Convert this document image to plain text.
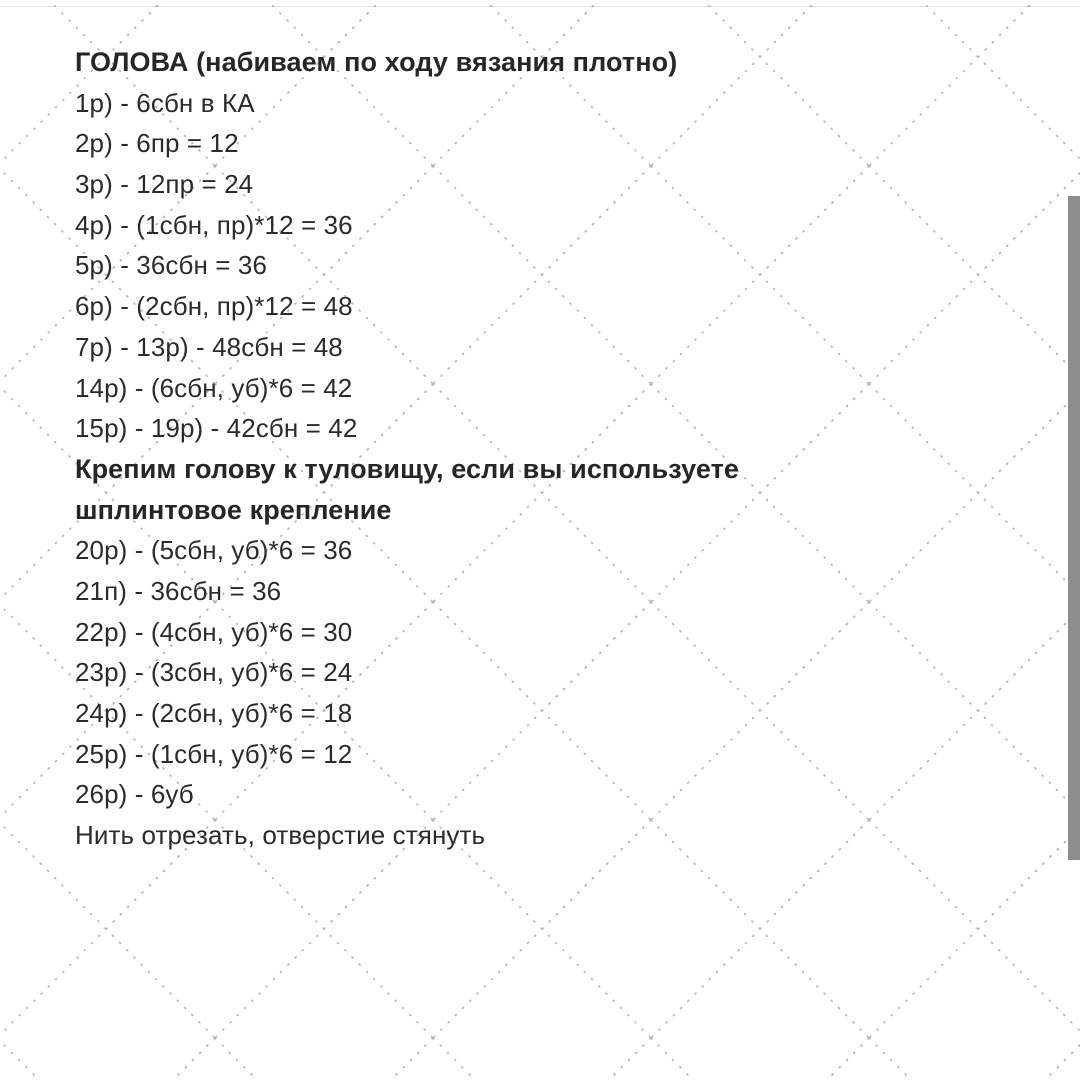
ГОЛОВА (набиваем по ходу вязания плотно)
1р) - 6сбн в КА
2р) - 6пр = 12
3р) - 12пр = 24
4р) - (1сбн, пр)*12 = 36
5р) - 36сбн = 36
6р) - (2сбн, пр)*12 = 48
7р) - 13р) - 48сбн = 48
14р) - (6сбн, уб)*6 = 42
15р) - 19р) - 42сбн = 42
Крепим голову к туловищу, если вы используете
шплинтовое крепление
20р) - (5сбн, уб)*6 = 36
21п) - 36сбн = 36
22р) - (4сбн, уб)*6 = 30
23р) - (3сбн, уб)*6 = 24
24р) - (2сбн, уб)*6 = 18
25р) - (1сбн, уб)*6 = 12
26р) - 6уб
Нить отрезать, отверстие стянуть
